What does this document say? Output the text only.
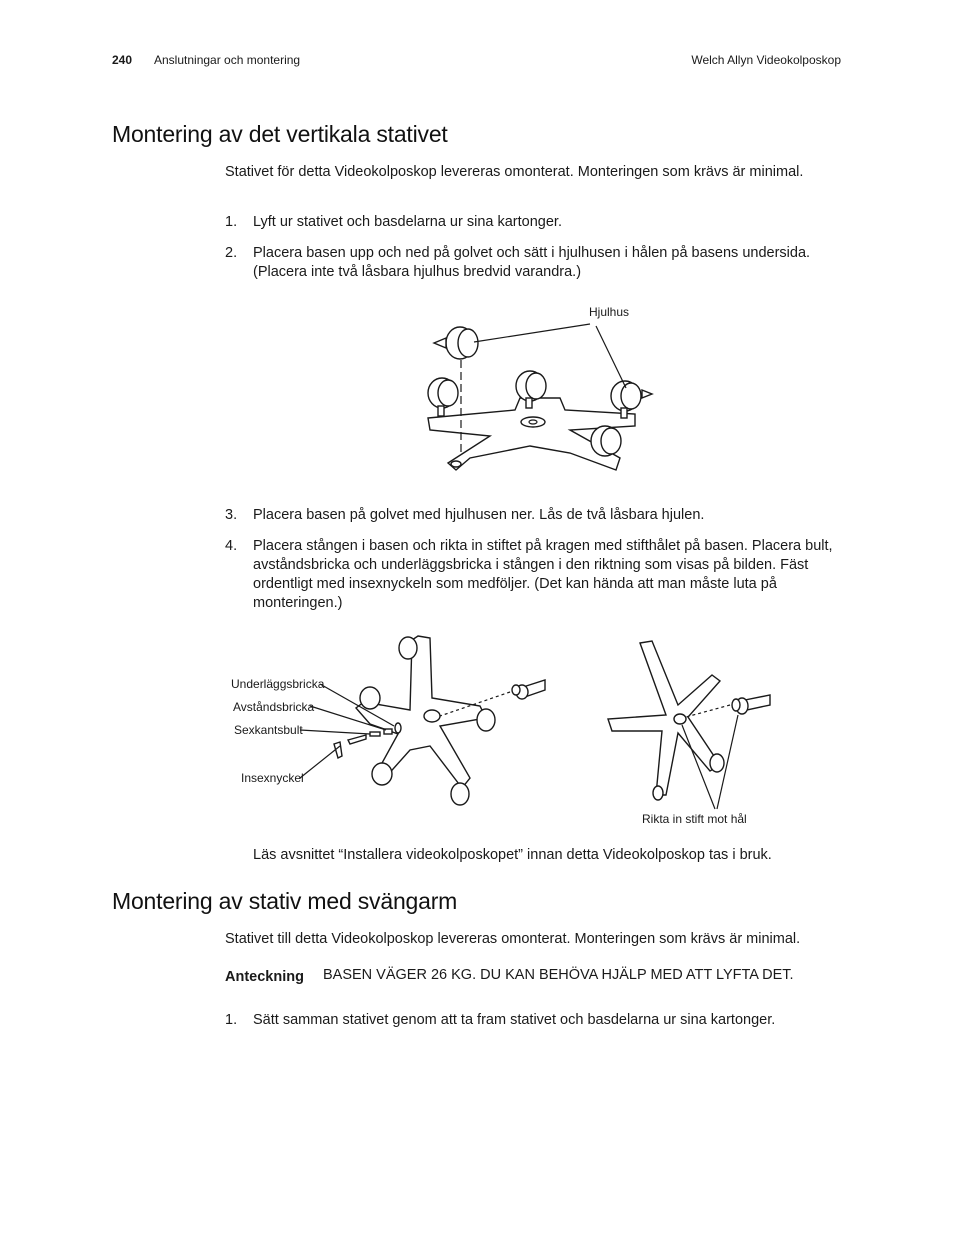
240 Anslutningar och montering	Welch Allyn Videokolposkop
Montering av det vertikala stativet

Stativet för detta Videokolposkop levereras omonterat. Monteringen som krävs är minimal.

1. Lyft ur stativet och basdelarna ur sina kartonger.
2. Placera basen upp och ned på golvet och sätt i hjulhusen i hålen på basens undersida. (Placera inte två låsbara hjulhus bredvid varandra.)
Hjulhus
3. Placera basen på golvet med hjulhusen ner. Lås de två låsbara hjulen.
4. Placera stången i basen och rikta in stiftet på kragen med stifthålet på basen. Placera bult, avståndsbricka och underläggsbricka i stången i den riktning som visas på bilden. Fäst ordentligt med insexnyckeln som medföljer. (Det kan hända att man måste luta på monteringen.)
Underläggsbricka
Avståndsbricka
Sexkantsbult
Insexnyckel
Rikta in stift mot hål

Läs avsnittet “Installera videokolposkopet” innan detta Videokolposkop tas i bruk.

Montering av stativ med svängarm

Stativet till detta Videokolposkop levereras omonterat. Monteringen som krävs är minimal.

Anteckning BASEN VÄGER 26 KG. DU KAN BEHÖVA HJÄLP MED ATT LYFTA DET.
1. Sätt samman stativet genom att ta fram stativet och basdelarna ur sina kartonger.
